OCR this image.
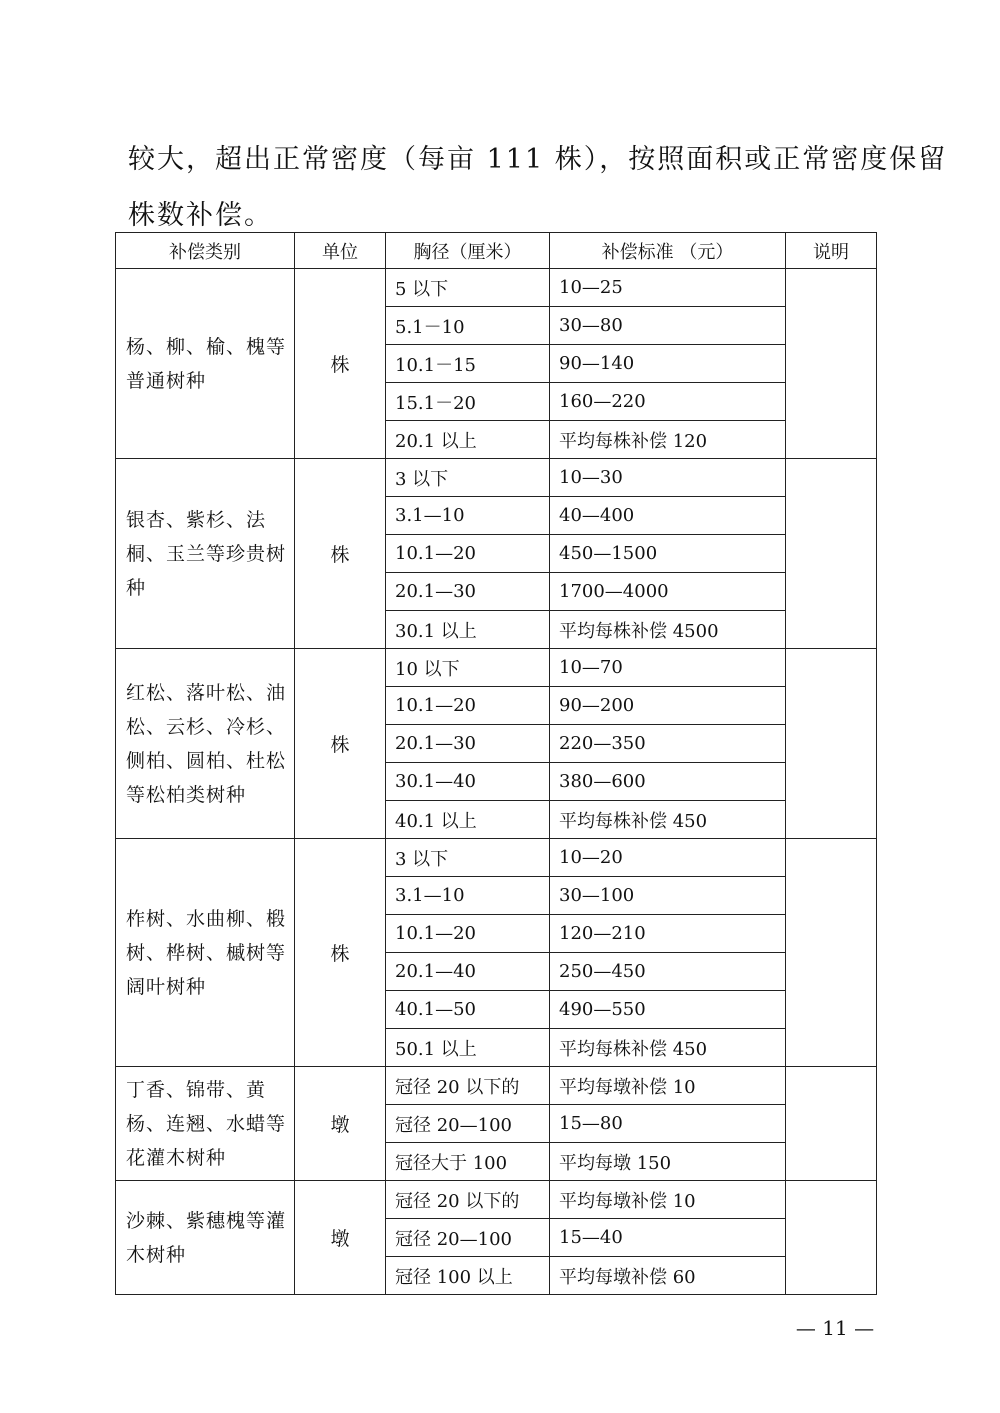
较大，超出正常密度（每亩 111 株），按照面积或正常密度保留
株数补偿。
补偿类别	单位	胸径（厘米）	补偿标准 （元）	说明
杨、柳、榆、槐等普通树种	株	5 以下	10—25	
		5.1－10	30—80	
		10.1－15	90—140	
		15.1－20	160—220	
		20.1 以上	平均每株补偿 120	
银杏、紫杉、法桐、玉兰等珍贵树种	株	3 以下	10—30	
		3.1—10	40—400	
		10.1—20	450—1500	
		20.1—30	1700—4000	
		30.1 以上	平均每株补偿 4500	
红松、落叶松、油松、云杉、冷杉、侧柏、圆柏、杜松等松柏类树种	株	10 以下	10—70	
		10.1—20	90—200	
		20.1—30	220—350	
		30.1—40	380—600	
		40.1 以上	平均每株补偿 450	
柞树、水曲柳、椴树、桦树、槭树等阔叶树种	株	3 以下	10—20	
		3.1—10	30—100	
		10.1—20	120—210	
		20.1—40	250—450	
		40.1—50	490—550	
		50.1 以上	平均每株补偿 450	
丁香、锦带、黄杨、连翘、水蜡等花灌木树种	墩	冠径 20 以下的	平均每墩补偿 10	
		冠径 20—100	15—80	
		冠径大于 100	平均每墩 150	
沙棘、紫穗槐等灌木树种	墩	冠径 20 以下的	平均每墩补偿 10	
		冠径 20—100	15—40	
		冠径 100 以上	平均每墩补偿 60	
— 11 —
